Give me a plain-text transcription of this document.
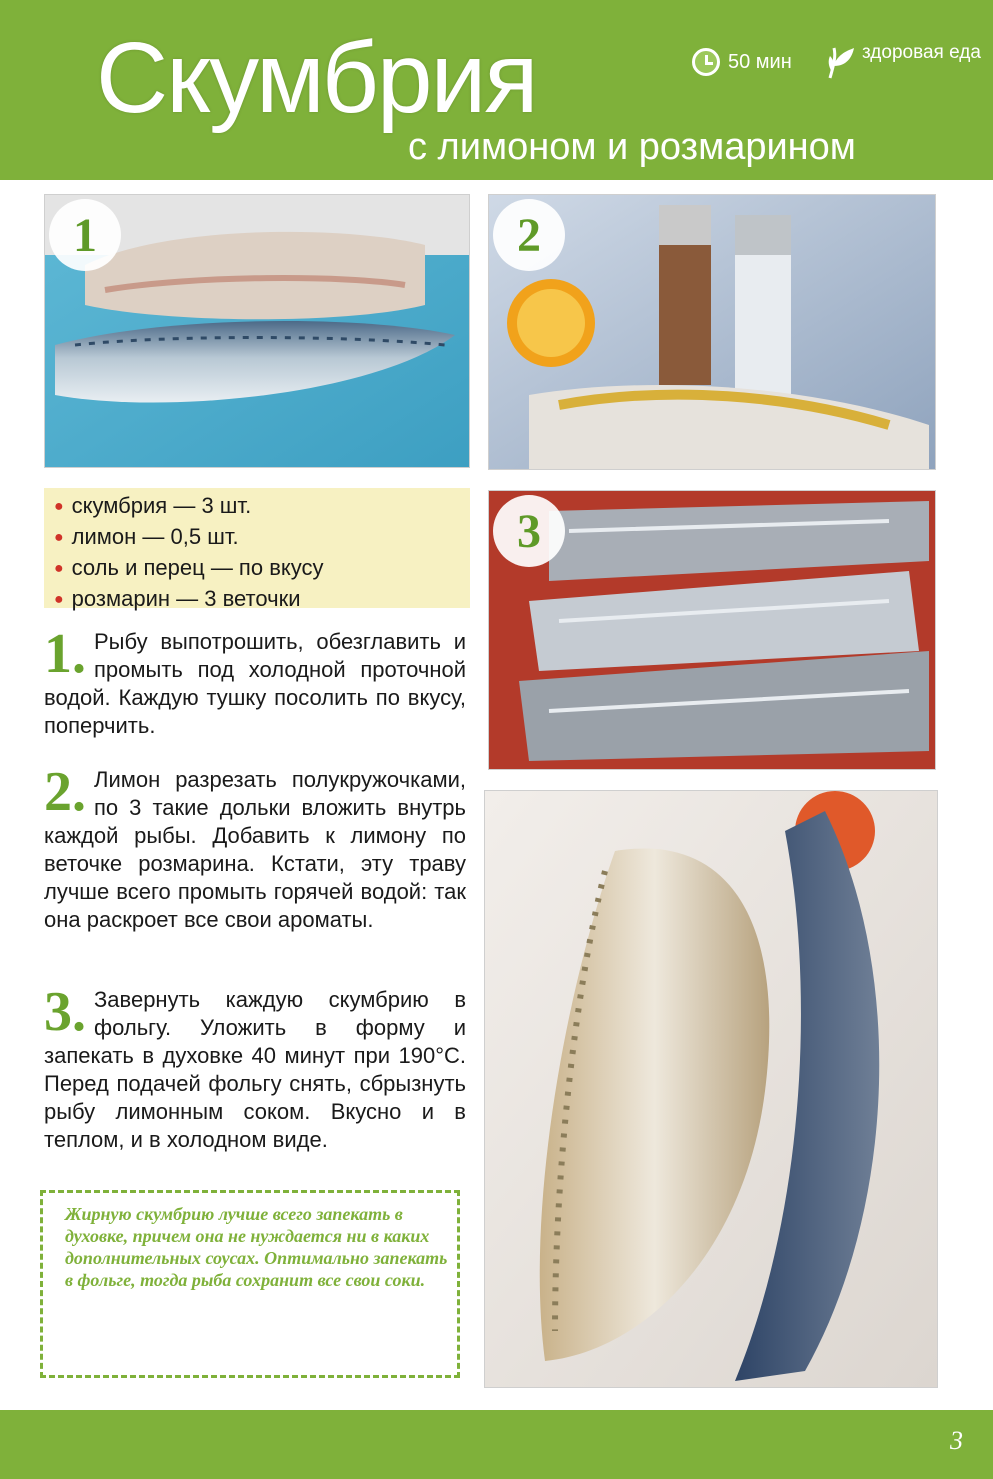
Скумбрия
с лимоном и розмарином
50 мин	здоровая еда
1	2
3
● скумбрия — 3 шт.
● лимон — 0,5 шт.
● соль и перец — по вкусу
● розмарин — 3 веточки
1. Рыбу выпотрошить, обезглавить и промыть под холодной проточной водой. Каждую тушку посолить по вкусу, поперчить.
2. Лимон разрезать полукружочками, по 3 такие дольки вложить внутрь каждой рыбы. Добавить к лимону по веточке розмарина. Кстати, эту траву лучше всего промыть горячей водой: так она раскроет все свои ароматы.
3. Завернуть каждую скумбрию в фольгу. Уложить в форму и запекать в духовке 40 минут при 190°С. Перед подачей фольгу снять, сбрызнуть рыбу лимонным соком. Вкусно и в теплом, и в холодном виде.

Жирную скумбрию лучше всего запекать в духовке, причем она не нуждается ни в каких дополнительных соусах. Оптимально запекать в фольге, тогда рыба сохранит все свои соки.

3
